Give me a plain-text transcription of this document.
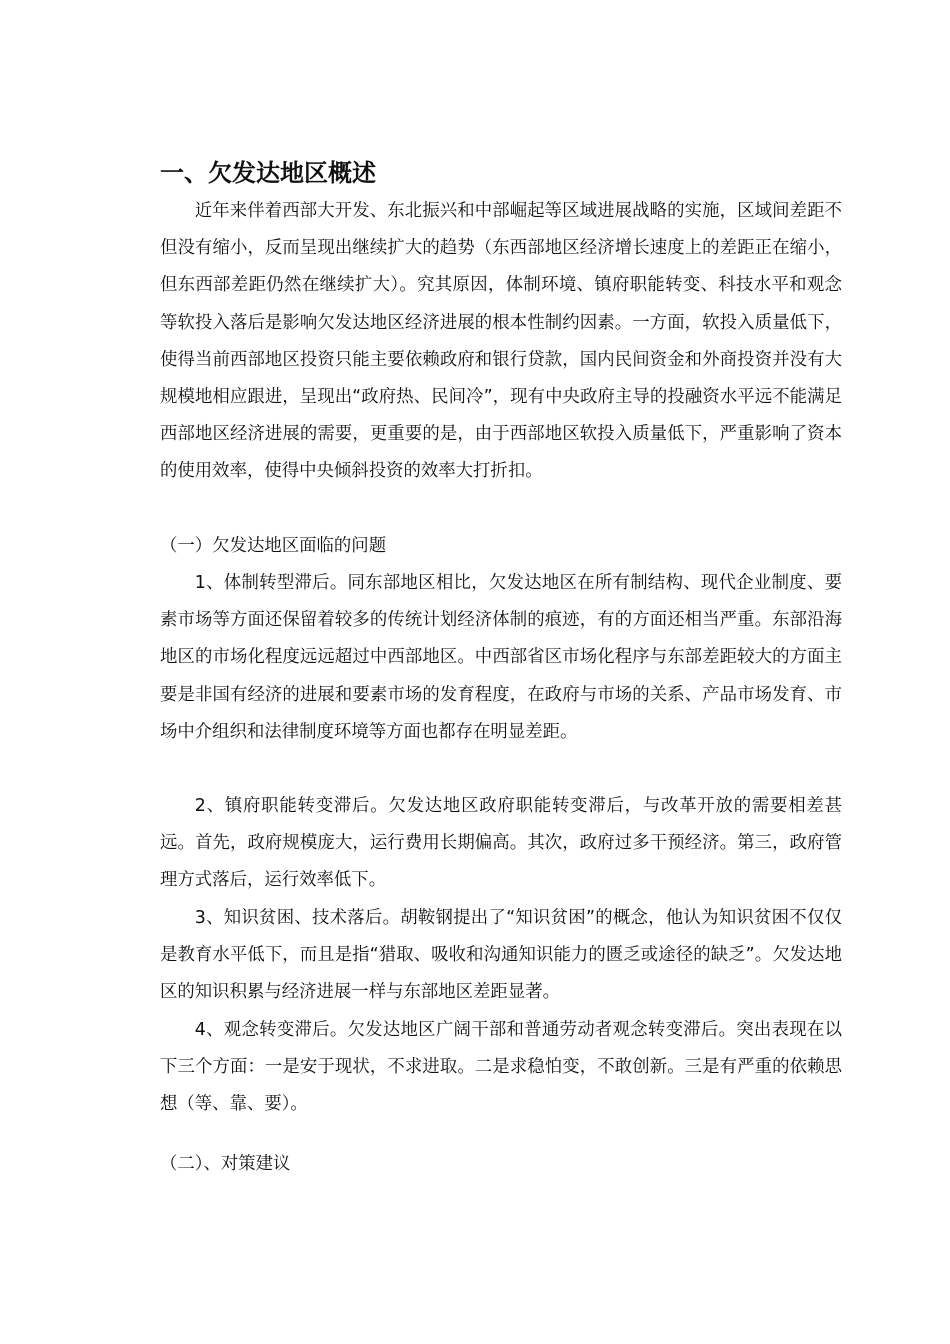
一、欠发达地区概述

近年来伴着西部大开发、东北振兴和中部崛起等区域进展战略的实施，区域间差距不但没有缩小，反而呈现出继续扩大的趋势（东西部地区经济增长速度上的差距正在缩小，但东西部差距仍然在继续扩大）。究其原因，体制环境、镇府职能转变、科技水平和观念等软投入落后是影响欠发达地区经济进展的根本性制约因素。一方面，软投入质量低下，使得当前西部地区投资只能主要依赖政府和银行贷款，国内民间资金和外商投资并没有大规模地相应跟进，呈现出“政府热、民间冷”，现有中央政府主导的投融资水平远不能满足西部地区经济进展的需要，更重要的是，由于西部地区软投入质量低下，严重影响了资本的使用效率，使得中央倾斜投资的效率大打折扣。

（一）欠发达地区面临的问题

1、体制转型滞后。同东部地区相比，欠发达地区在所有制结构、现代企业制度、要素市场等方面还保留着较多的传统计划经济体制的痕迹，有的方面还相当严重。东部沿海地区的市场化程度远远超过中西部地区。中西部省区市场化程序与东部差距较大的方面主要是非国有经济的进展和要素市场的发育程度，在政府与市场的关系、产品市场发育、市场中介组织和法律制度环境等方面也都存在明显差距。

2、镇府职能转变滞后。欠发达地区政府职能转变滞后，与改革开放的需要相差甚远。首先，政府规模庞大，运行费用长期偏高。其次，政府过多干预经济。第三，政府管理方式落后，运行效率低下。

3、知识贫困、技术落后。胡鞍钢提出了“知识贫困”的概念，他认为知识贫困不仅仅是教育水平低下，而且是指“猎取、吸收和沟通知识能力的匮乏或途径的缺乏”。欠发达地区的知识积累与经济进展一样与东部地区差距显著。

4、观念转变滞后。欠发达地区广阔干部和普通劳动者观念转变滞后。突出表现在以下三个方面：一是安于现状，不求进取。二是求稳怕变，不敢创新。三是有严重的依赖思想（等、靠、要）。

（二）、对策建议
